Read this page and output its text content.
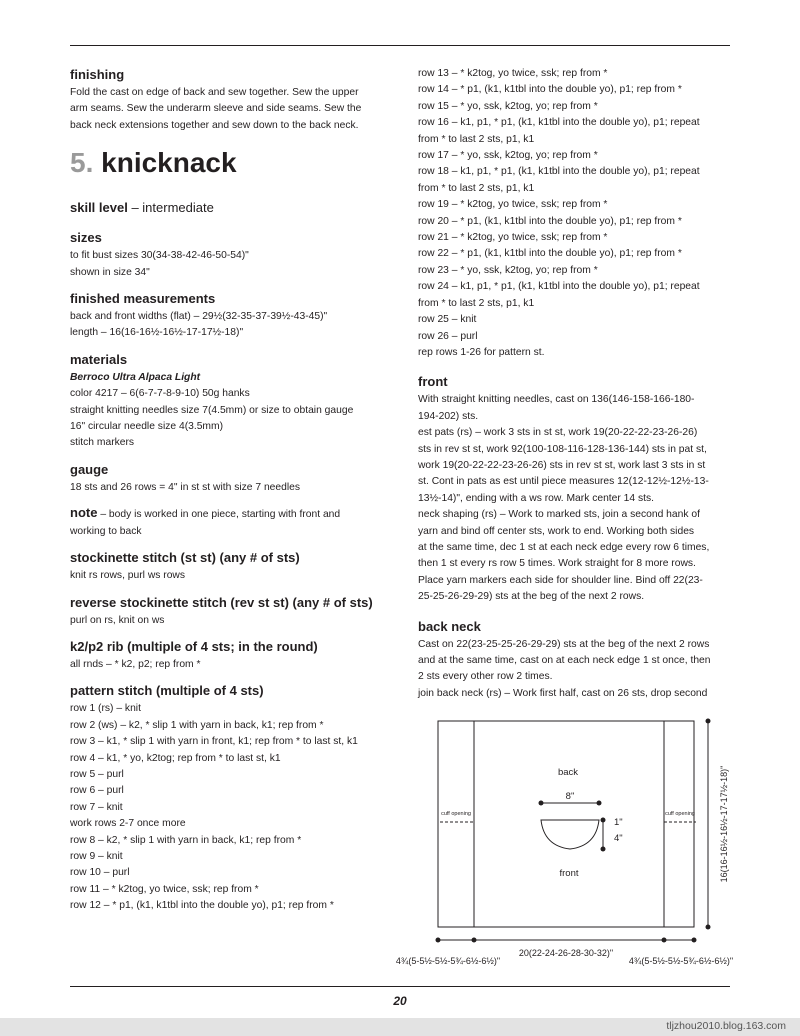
finishing
Fold the cast on edge of back and sew together. Sew the upper
arm seams. Sew the underarm sleeve and side seams. Sew the
back neck extensions together and sew down to the back neck.
5. knicknack
skill level – intermediate
sizes
to fit bust sizes 30(34-38-42-46-50-54)"
shown in size 34"
finished measurements
back and front widths (flat) – 29½(32-35-37-39½-43-45)"
length – 16(16-16½-16½-17-17½-18)"
materials
Berroco Ultra Alpaca Light
color 4217 – 6(6-7-7-8-9-10) 50g hanks
straight knitting needles size 7(4.5mm) or size to obtain gauge
16" circular needle size 4(3.5mm)
stitch markers
gauge
18 sts and 26 rows = 4" in st st with size 7 needles
note – body is worked in one piece, starting with front and
working to back
stockinette stitch (st st) (any # of sts)
knit rs rows, purl ws rows
reverse stockinette stitch (rev st st) (any # of sts)
purl on rs, knit on ws
k2/p2 rib (multiple of 4 sts; in the round)
all rnds – * k2, p2; rep from *
pattern stitch (multiple of 4 sts)
row 1 (rs) – knit
row 2 (ws) – k2, * slip 1 with yarn in back, k1; rep from *
row 3 – k1, * slip 1 with yarn in front, k1; rep from * to last st, k1
row 4 – k1, * yo, k2tog; rep from * to last st, k1
row 5 – purl
row 6 – purl
row 7 – knit
work rows 2-7 once more
row 8 – k2, * slip 1 with yarn in back, k1; rep from *
row 9 – knit
row 10 – purl
row 11 – * k2tog, yo twice, ssk; rep from *
row 12 – * p1, (k1, k1tbl into the double yo), p1; rep from *
row 13 – * k2tog, yo twice, ssk; rep from *
row 14 – * p1, (k1, k1tbl into the double yo), p1; rep from *
row 15 – * yo, ssk, k2tog, yo; rep from *
row 16 – k1, p1, * p1, (k1, k1tbl into the double yo), p1; repeat
from * to last 2 sts, p1, k1
row 17 – * yo, ssk, k2tog, yo; rep from *
row 18 – k1, p1, * p1, (k1, k1tbl into the double yo), p1; repeat
from * to last 2 sts, p1, k1
row 19 – * k2tog, yo twice, ssk; rep from *
row 20 – * p1, (k1, k1tbl into the double yo), p1; rep from *
row 21 – * k2tog, yo twice, ssk; rep from *
row 22 – * p1, (k1, k1tbl into the double yo), p1; rep from *
row 23 – * yo, ssk, k2tog, yo; rep from *
row 24 – k1, p1, * p1, (k1, k1tbl into the double yo), p1; repeat
from * to last 2 sts, p1, k1
row 25 – knit
row 26 – purl
rep rows 1-26 for pattern st.
front
With straight knitting needles, cast on 136(146-158-166-180-
194-202) sts.
est pats (rs) – work 3 sts in st st, work 19(20-22-22-23-26-26)
sts in rev st st, work 92(100-108-116-128-136-144) sts in pat st,
work 19(20-22-22-23-26-26) sts in rev st st, work last 3 sts in st
st. Cont in pats as est until piece measures 12(12-12½-12½-13-
13½-14)", ending with a ws row. Mark center 14 sts.
neck shaping (rs) – Work to marked sts, join a second hank of
yarn and bind off center sts, work to end. Working both sides
at the same time, dec 1 st at each neck edge every row 6 times,
then 1 st every rs row 5 times. Work straight for 8 more rows.
Place yarn markers each side for shoulder line. Bind off 22(23-
25-25-26-29-29) sts at the beg of the next 2 rows.
back neck
Cast on 22(23-25-25-26-29-29) sts at the beg of the next 2 rows
and at the same time, cast on at each neck edge 1 st once, then
2 sts every other row 2 times.
join back neck (rs) – Work first half, cast on 26 sts, drop second
back
front
8"
1"
4"
cuff opening	cuff opening	16(16-16½-16½-17-17½-18)"
20(22-24-26-28-30-32)"
4¾(5-5½-5½-5¾-6½-6½)"	4¾(5-5½-5½-5¾-6½-6½)"
20
tljzhou2010.blog.163.com
